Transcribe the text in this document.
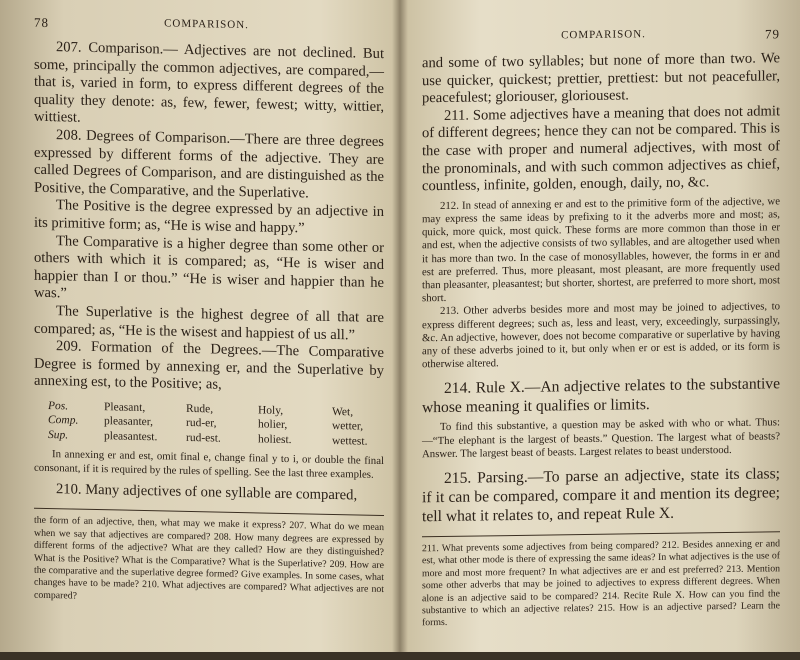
78	COMPARISON.

207. Comparison.— Adjectives are not declined. But some, principally the common adjectives, are compared,—that is, varied in form, to express different degrees of the quality they denote: as, few, fewer, fewest; witty, wittier, wittiest.

208. Degrees of Comparison.—There are three degrees expressed by different forms of the adjective. They are called Degrees of Comparison, and are distinguished as the Positive, the Comparative, and the Superlative.

The Positive is the degree expressed by an adjective in its primitive form; as, “He is wise and happy.”

The Comparative is a higher degree than some other or others with which it is compared; as, “He is wiser and happier than I or thou.” “He is wiser and happier than he was.”

The Superlative is the highest degree of all that are compared; as, “He is the wisest and happiest of us all.”

209. Formation of the Degrees.—The Comparative Degree is formed by annexing er, and the Superlative by annexing est, to the Positive; as,

Pos.	Pleasant,	Rude,	Holy,	Wet,
Comp.	pleasanter,	rud-er,	holier,	wetter,
Sup.	pleasantest.	rud-est.	holiest.	wettest.

In annexing er and est, omit final e, change final y to i, or double the final consonant, if it is required by the rules of spelling. See the last three examples.

210. Many adjectives of one syllable are compared,

the form of an adjective, then, what may we make it express? 207. What do we mean when we say that adjectives are compared? 208. How many degrees are expressed by different forms of the adjective? What are they called? How are they distinguished? What is the Positive? What is the Comparative? What is the Superlative? 209. How are the comparative and the superlative degree formed? Give examples. In some cases, what changes have to be made? 210. What adjectives are compared? What adjectives are not compared?

COMPARISON.	79

and some of two syllables; but none of more than two. We use quicker, quickest; prettier, prettiest: but not peacefuller, peacefulest; gloriouser, gloriousest.

211. Some adjectives have a meaning that does not admit of different degrees; hence they can not be compared. This is the case with proper and numeral adjectives, with most of the pronominals, and with such common adjectives as chief, countless, infinite, golden, enough, daily, no, &c.

212. In stead of annexing er and est to the primitive form of the adjective, we may express the same ideas by prefixing to it the adverbs more and most; as, quick, more quick, most quick. These forms are more common than those in er and est, when the adjective consists of two syllables, and are altogether used when it has more than two. In the case of monosyllables, however, the forms in er and est are preferred. Thus, more pleasant, most pleasant, are more frequently used than pleasanter, pleasantest; but shorter, shortest, are preferred to more short, most short.

213. Other adverbs besides more and most may be joined to adjectives, to express different degrees; such as, less and least, very, exceedingly, surpassingly, &c. An adjective, however, does not become comparative or superlative by having any of these adverbs joined to it, but only when er or est is added, or its form is otherwise altered.

214. Rule X.—An adjective relates to the substantive whose meaning it qualifies or limits.

To find this substantive, a question may be asked with who or what. Thus:—“The elephant is the largest of beasts.” Question. The largest what of beasts? Answer. The largest beast of beasts. Largest relates to beast understood.

215. Parsing.—To parse an adjective, state its class; if it can be compared, compare it and mention its degree; tell what it relates to, and repeat Rule X.

211. What prevents some adjectives from being compared? 212. Besides annexing er and est, what other mode is there of expressing the same ideas? In what adjectives is the use of more and most more frequent? In what adjectives are er and est preferred? 213. Mention some other adverbs that may be joined to adjectives to express different degrees. When alone is an adjective said to be compared? 214. Recite Rule X. How can you find the substantive to which an adjective relates? 215. How is an adjective parsed? Learn the forms.
